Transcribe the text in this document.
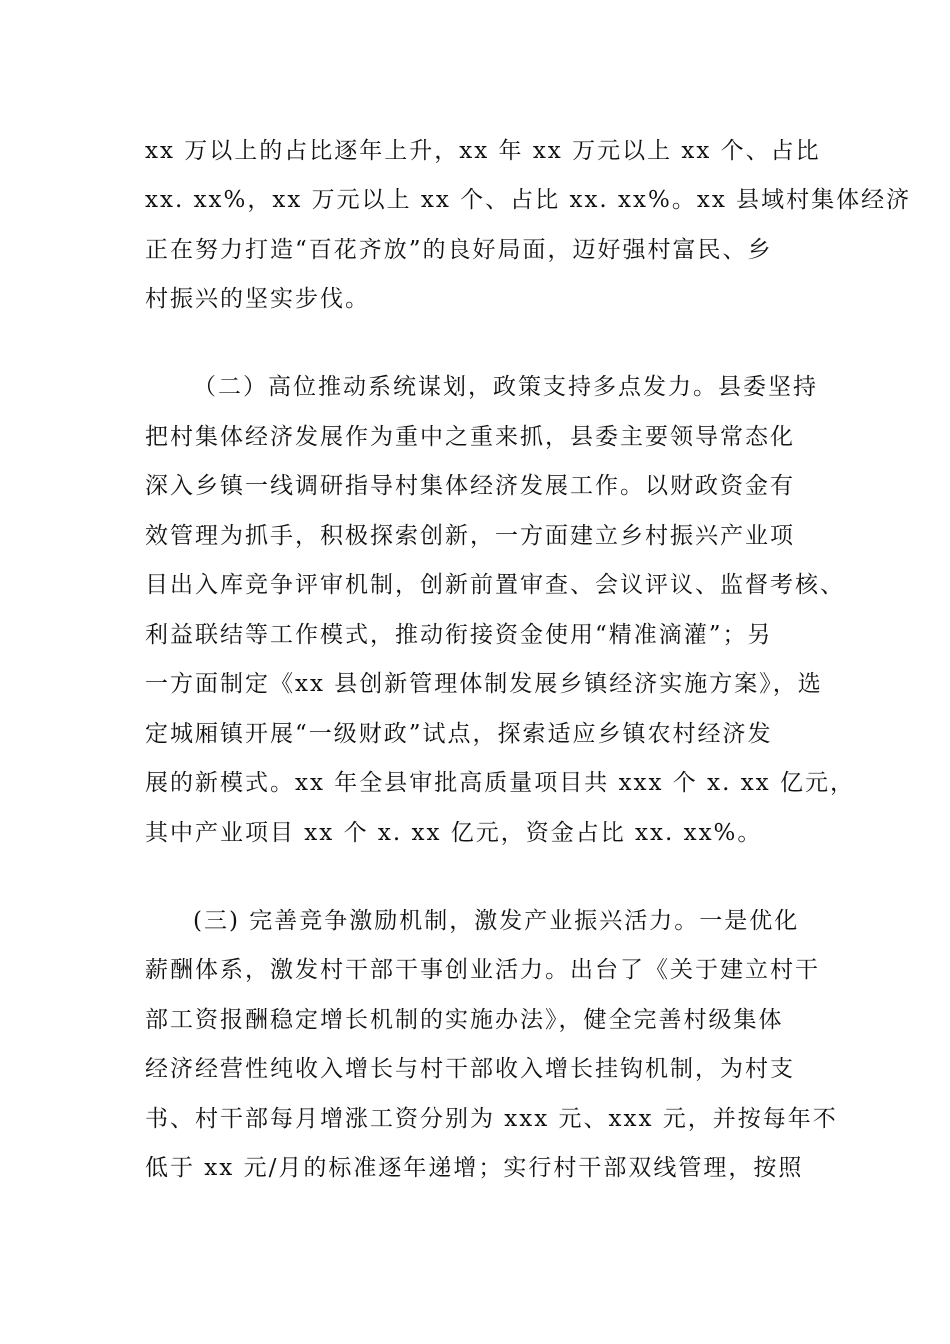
xx 万以上的占比逐年上升，xx 年 xx 万元以上 xx 个、占比
xx. xx%，xx 万元以上 xx 个、占比 xx. xx%。xx 县域村集体经济
正在努力打造“百花齐放”的良好局面，迈好强村富民、乡
村振兴的坚实步伐。
（二）高位推动系统谋划，政策支持多点发力。县委坚持
把村集体经济发展作为重中之重来抓，县委主要领导常态化
深入乡镇一线调研指导村集体经济发展工作。以财政资金有
效管理为抓手，积极探索创新，一方面建立乡村振兴产业项
目出入库竞争评审机制，创新前置审查、会议评议、监督考核、
利益联结等工作模式，推动衔接资金使用“精准滴灌”；另
一方面制定《xx 县创新管理体制发展乡镇经济实施方案》，选
定城厢镇开展“一级财政”试点，探索适应乡镇农村经济发
展的新模式。xx 年全县审批高质量项目共 xxx 个 x. xx 亿元，
其中产业项目 xx 个 x. xx 亿元，资金占比 xx. xx%。
(三) 完善竞争激励机制，激发产业振兴活力。一是优化
薪酬体系，激发村干部干事创业活力。出台了《关于建立村干
部工资报酬稳定增长机制的实施办法》，健全完善村级集体
经济经营性纯收入增长与村干部收入增长挂钩机制，为村支
书、村干部每月增涨工资分别为 xxx 元、xxx 元，并按每年不
低于 xx 元/月的标准逐年递增；实行村干部双线管理，按照
